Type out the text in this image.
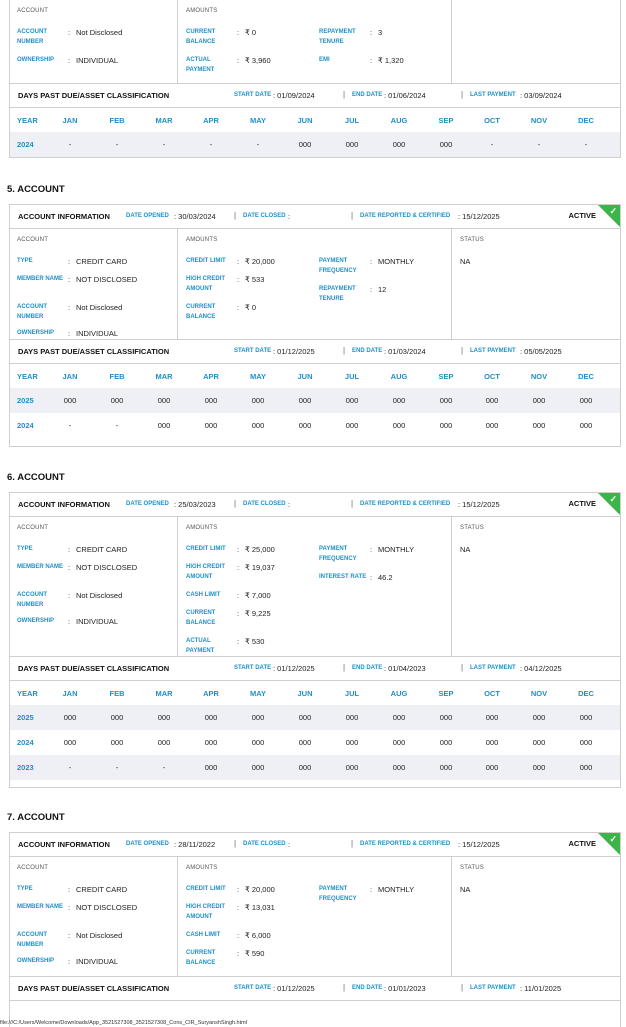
ACCOUNT
ACCOUNT NUMBER
: Not Disclosed
OWNERSHIP	: INDIVIDUAL
AMOUNTS
CURRENT BALANCE
: ₹ 0
ACTUAL PAYMENT
: ₹ 3,960
REPAYMENT TENURE
: 3
EMI	: ₹ 1,320
DAYS PAST DUE/ASSET CLASSIFICATION	START DATE : 01/09/2024	| END DATE : 01/06/2024	| LAST PAYMENT : 03/09/2024
YEAR	JAN	FEB	MAR	APR	MAY	JUN	JUL	AUG	SEP	OCT	NOV	DEC
2024	-	-	-	-	-	000	000	000	000	-	-	-
5. ACCOUNT
ACCOUNT INFORMATION	DATE OPENED : 30/03/2024 | DATE CLOSED :	| DATE REPORTED & CERTIFIED : 15/12/2025	ACTIVE ✓
ACCOUNT
TYPE	: CREDIT CARD
MEMBER NAME : NOT DISCLOSED
ACCOUNT NUMBER
: Not Disclosed
OWNERSHIP : INDIVIDUAL
AMOUNTS
CREDIT LIMIT : ₹ 20,000
HIGH CREDIT AMOUNT
: ₹ 533
CURRENT BALANCE
: ₹ 0
PAYMENT FREQUENCY
: MONTHLY
REPAYMENT TENURE
: 12
STATUS
NA
DAYS PAST DUE/ASSET CLASSIFICATION	START DATE : 01/12/2025	| END DATE : 01/03/2024	| LAST PAYMENT : 05/05/2025
YEAR	JAN	FEB	MAR	APR	MAY	JUN	JUL	AUG	SEP	OCT	NOV	DEC
2025	000	000	000	000	000	000	000	000	000	000	000	000
2024	-	-	000	000	000	000	000	000	000	000	000	000
6. ACCOUNT
ACCOUNT INFORMATION	DATE OPENED : 25/03/2023 | DATE CLOSED :	| DATE REPORTED & CERTIFIED : 15/12/2025	ACTIVE ✓
ACCOUNT
TYPE	: CREDIT CARD
MEMBER NAME : NOT DISCLOSED
ACCOUNT NUMBER
: Not Disclosed
OWNERSHIP : INDIVIDUAL
AMOUNTS
CREDIT LIMIT : ₹ 25,000
HIGH CREDIT AMOUNT
: ₹ 19,037
CASH LIMIT : ₹ 7,000
CURRENT BALANCE
: ₹ 9,225
ACTUAL PAYMENT
: ₹ 530
PAYMENT FREQUENCY
: MONTHLY
INTEREST RATE : 46.2
STATUS
NA
DAYS PAST DUE/ASSET CLASSIFICATION	START DATE : 01/12/2025	| END DATE : 01/04/2023	| LAST PAYMENT : 04/12/2025
YEAR	JAN	FEB	MAR	APR	MAY	JUN	JUL	AUG	SEP	OCT	NOV	DEC
2025	000	000	000	000	000	000	000	000	000	000	000	000
2024	000	000	000	000	000	000	000	000	000	000	000	000
2023	-	-	-	000	000	000	000	000	000	000	000	000
7. ACCOUNT
ACCOUNT INFORMATION	DATE OPENED : 28/11/2022 | DATE CLOSED :	| DATE REPORTED & CERTIFIED : 15/12/2025	ACTIVE ✓
ACCOUNT
TYPE	: CREDIT CARD
MEMBER NAME : NOT DISCLOSED
ACCOUNT NUMBER
: Not Disclosed
OWNERSHIP : INDIVIDUAL
AMOUNTS
CREDIT LIMIT : ₹ 20,000
HIGH CREDIT AMOUNT
: ₹ 13,031
CASH LIMIT : ₹ 6,000
CURRENT BALANCE
: ₹ 590
PAYMENT FREQUENCY
: MONTHLY
STATUS
NA
DAYS PAST DUE/ASSET CLASSIFICATION	START DATE : 01/12/2025	| END DATE : 01/01/2023	| LAST PAYMENT : 11/01/2025
file:///C:/Users/Welcome/Downloads/App_3521527308_3521527308_Cons_CIR_SuryanshSingh.html
